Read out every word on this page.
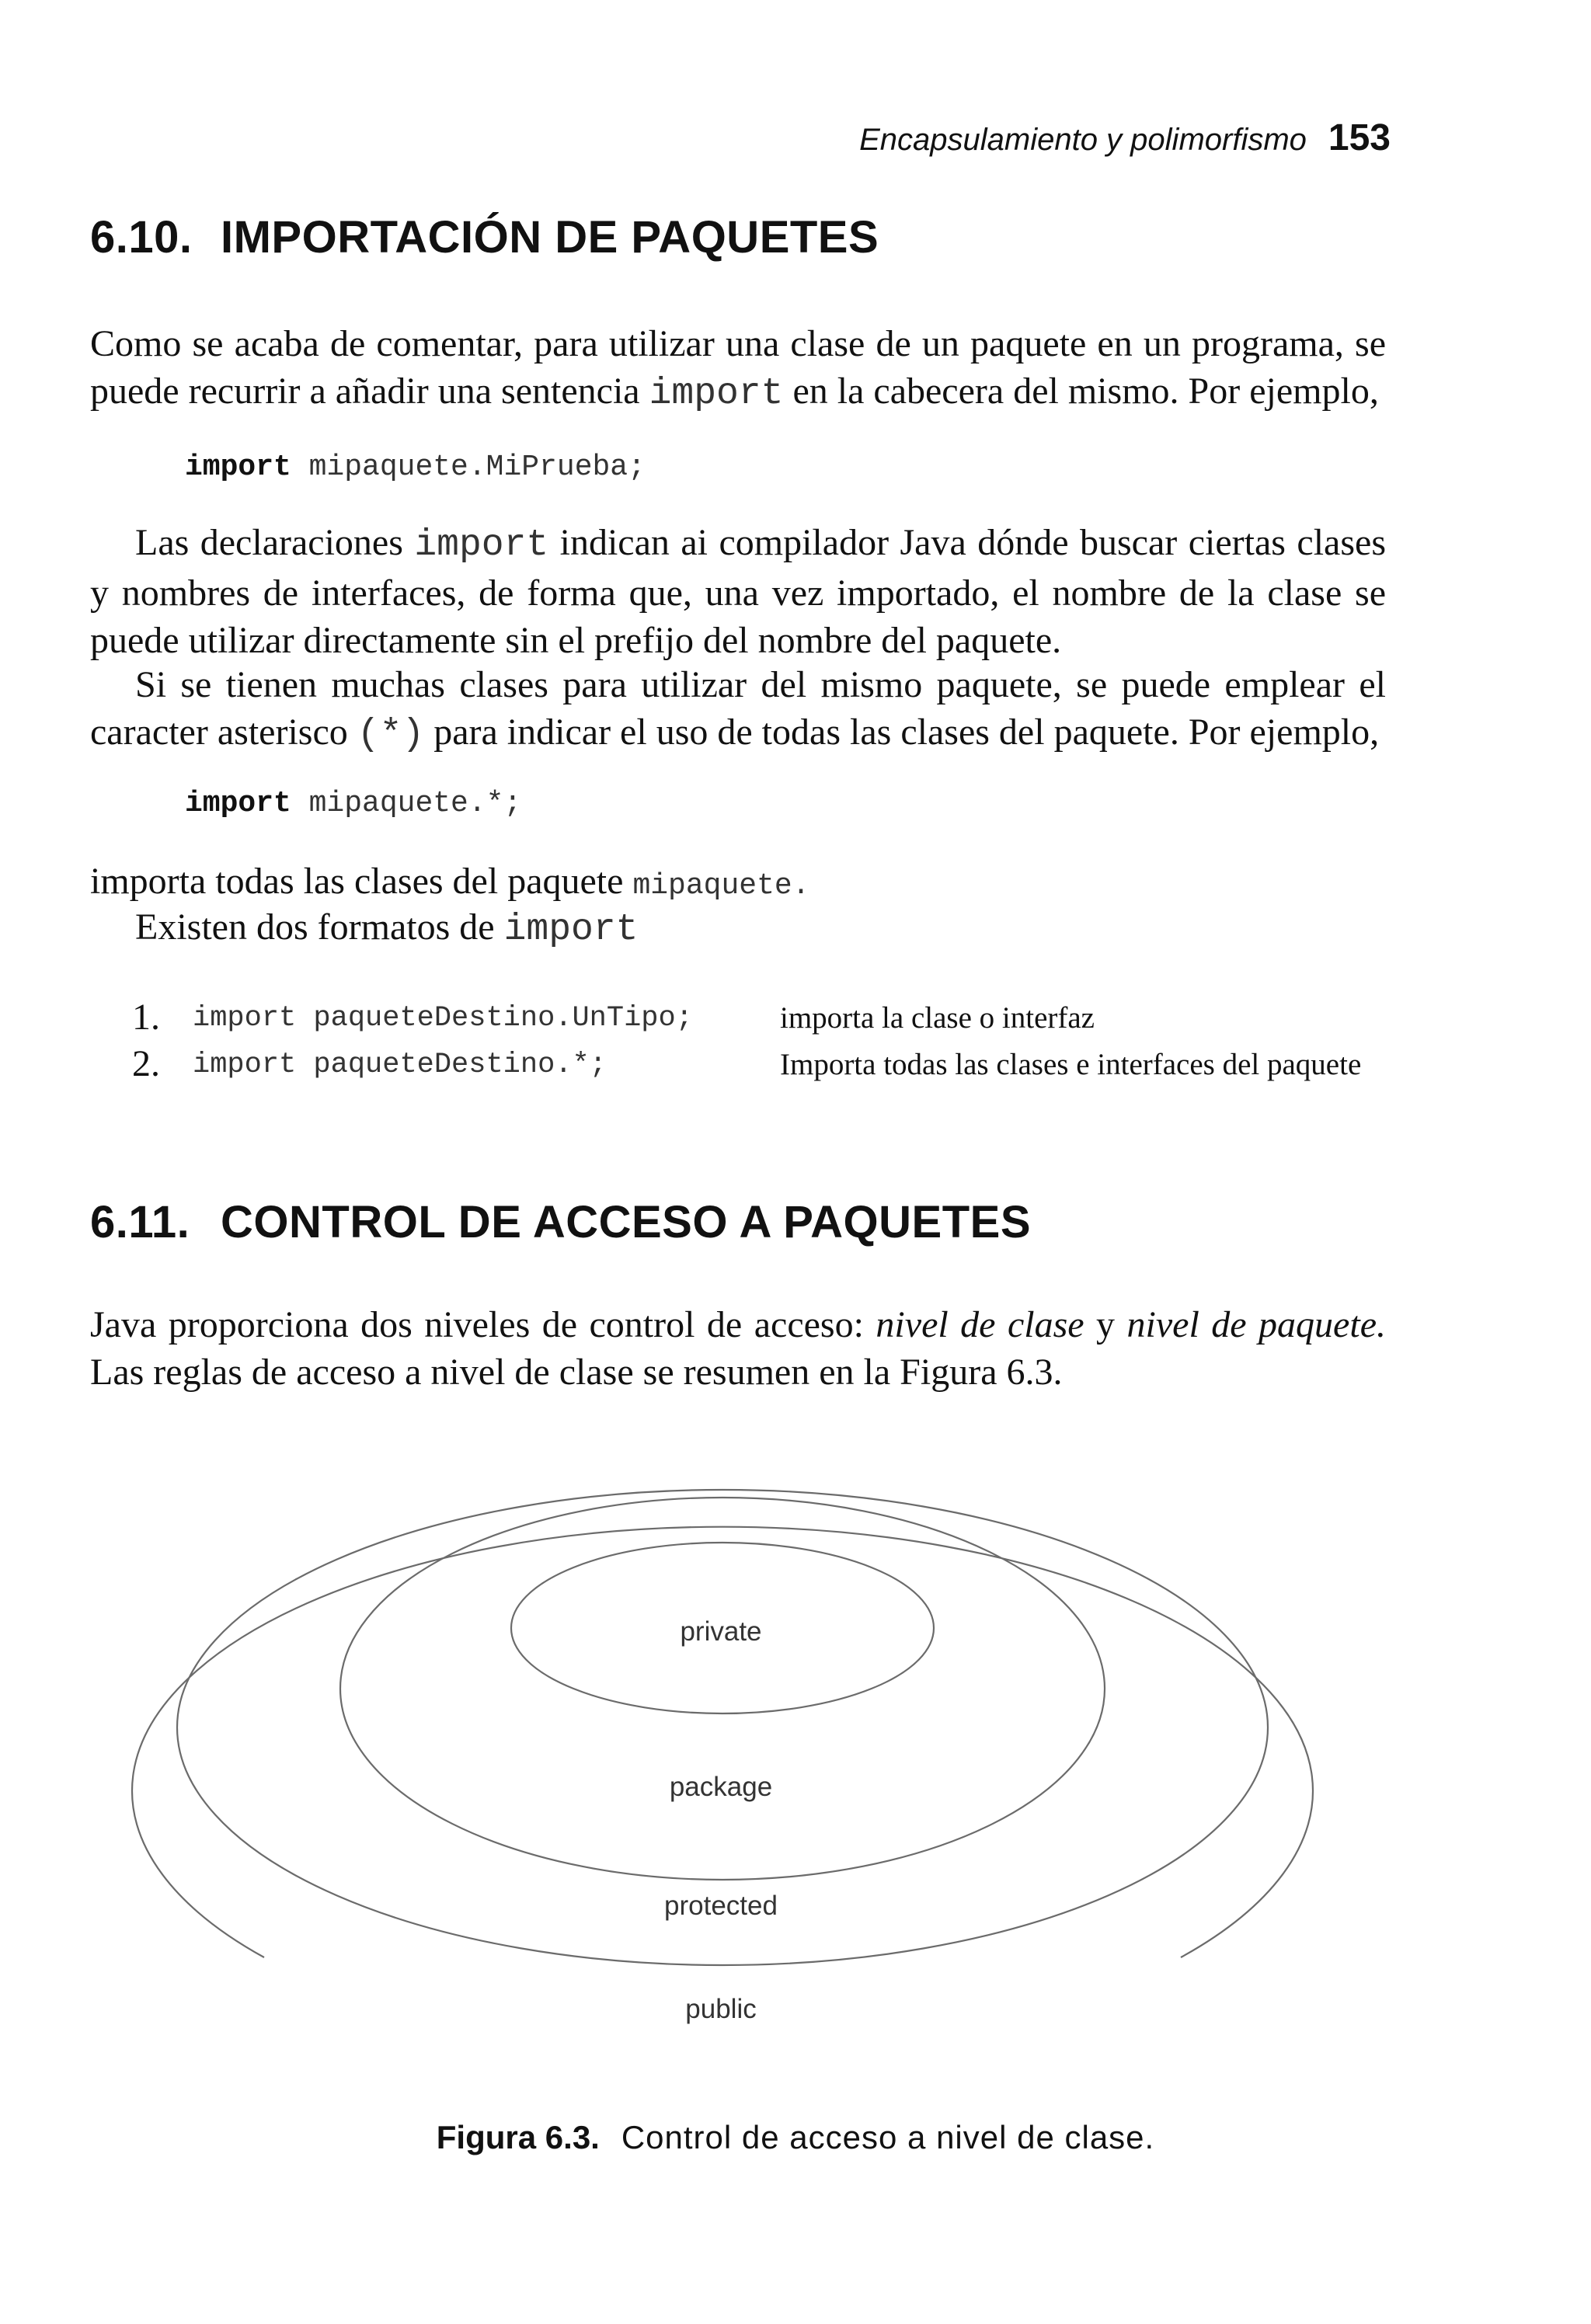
Encapsulamiento y polimorfismo 153
6.10. IMPORTACIÓN DE PAQUETES

Como se acaba de comentar, para utilizar una clase de un paquete en un programa, se puede recurrir a añadir una sentencia import en la cabecera del mismo. Por ejemplo,

import mipaquete.MiPrueba;

Las declaraciones import indican ai compilador Java dónde buscar ciertas clases y nombres de interfaces, de forma que, una vez importado, el nombre de la clase se puede utilizar directamente sin el prefijo del nombre del paquete.

Si se tienen muchas clases para utilizar del mismo paquete, se puede emplear el caracter asterisco (*) para indicar el uso de todas las clases del paquete. Por ejemplo,

import mipaquete.*;

importa todas las clases del paquete mipaquete.

Existen dos formatos de import

1. import paqueteDestino.UnTipo;	importa la clase o interfaz
2. import paqueteDestino.*;	Importa todas las clases e interfaces del paquete
6.11. CONTROL DE ACCESO A PAQUETES

Java proporciona dos niveles de control de acceso: nivel de clase y nivel de paquete. Las reglas de acceso a nivel de clase se resumen en la Figura 6.3.

private
package
protected
public
Figura 6.3. Control de acceso a nivel de clase.
